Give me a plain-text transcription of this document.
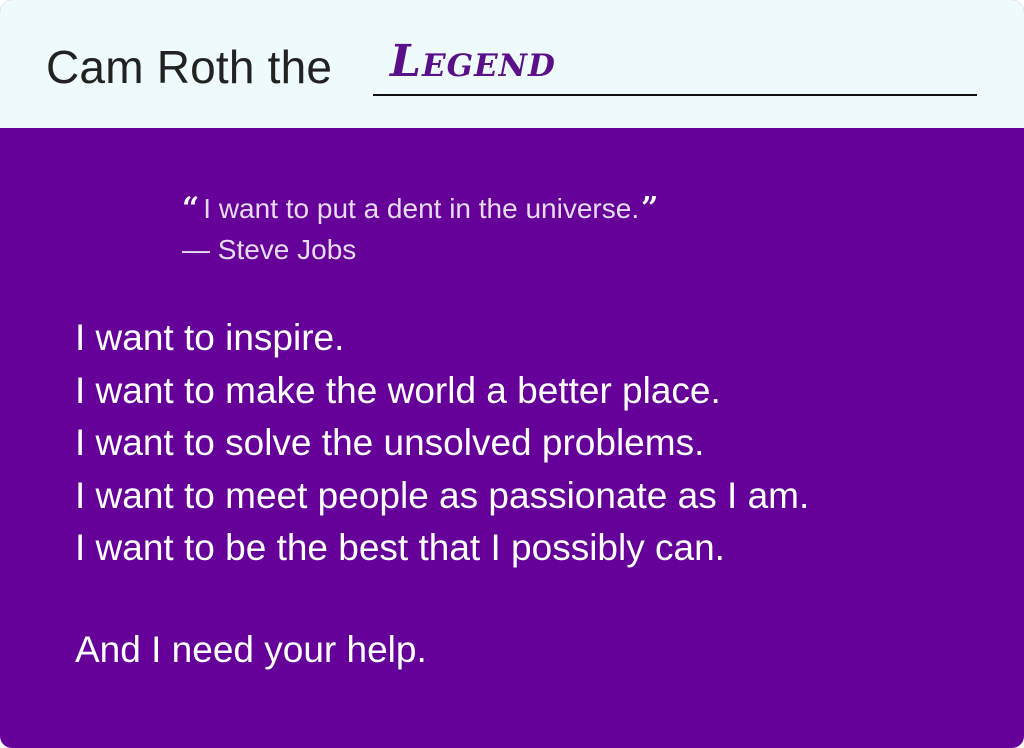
Cam Roth the Legend
“ I want to put a dent in the universe.”
— Steve Jobs
I want to inspire.
I want to make the world a better place.
I want to solve the unsolved problems.
I want to meet people as passionate as I am.
I want to be the best that I possibly can.
And I need your help.
